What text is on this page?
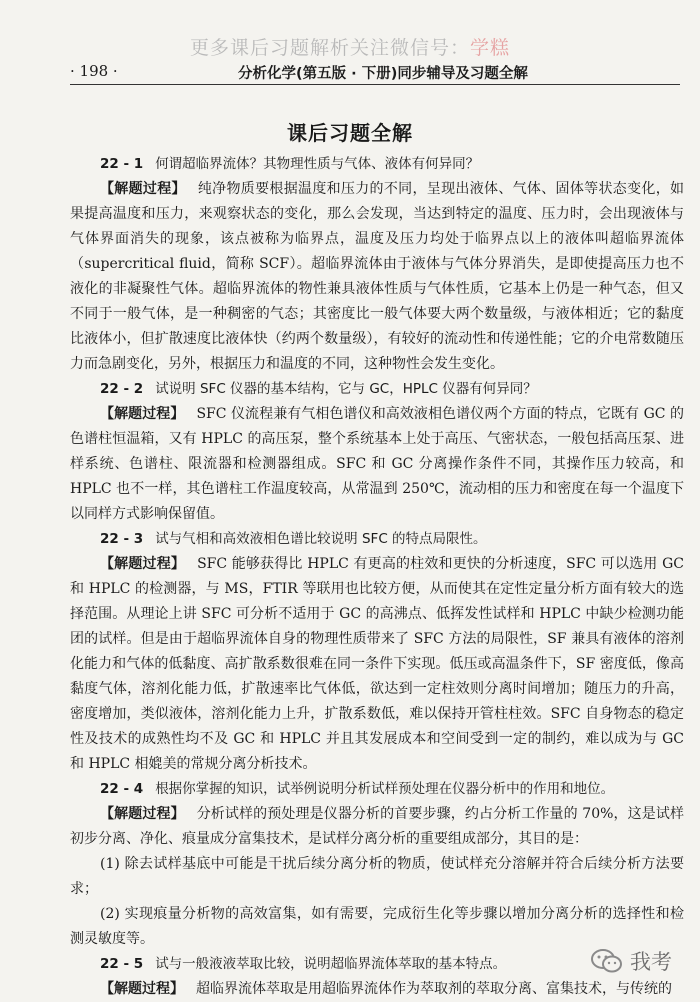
更多课后习题解析关注微信号：学糕
· 198 ·	分析化学(第五版 · 下册)同步辅导及习题全解
课后习题全解

22 - 1 何谓超临界流体？其物理性质与气体、液体有何异同？

【解题过程】 纯净物质要根据温度和压力的不同，呈现出液体、气体、固体等状态变化，如果提高温度和压力，来观察状态的变化，那么会发现，当达到特定的温度、压力时，会出现液体与气体界面消失的现象，该点被称为临界点，温度及压力均处于临界点以上的液体叫超临界流体（supercritical fluid，简称 SCF）。超临界流体由于液体与气体分界消失，是即使提高压力也不液化的非凝聚性气体。超临界流体的物性兼具液体性质与气体性质，它基本上仍是一种气态，但又不同于一般气体，是一种稠密的气态；其密度比一般气体要大两个数量级，与液体相近；它的黏度比液体小，但扩散速度比液体快（约两个数量级），有较好的流动性和传递性能；它的介电常数随压力而急剧变化，另外，根据压力和温度的不同，这种物性会发生变化。

22 - 2 试说明 SFC 仪器的基本结构，它与 GC，HPLC 仪器有何异同？

【解题过程】 SFC 仪流程兼有气相色谱仪和高效液相色谱仪两个方面的特点，它既有 GC 的色谱柱恒温箱，又有 HPLC 的高压泵，整个系统基本上处于高压、气密状态，一般包括高压泵、进样系统、色谱柱、限流器和检测器组成。SFC 和 GC 分离操作条件不同，其操作压力较高，和 HPLC 也不一样，其色谱柱工作温度较高，从常温到 250℃，流动相的压力和密度在每一个温度下以同样方式影响保留值。

22 - 3 试与气相和高效液相色谱比较说明 SFC 的特点局限性。

【解题过程】 SFC 能够获得比 HPLC 有更高的柱效和更快的分析速度，SFC 可以选用 GC 和 HPLC 的检测器，与 MS，FTIR 等联用也比较方便，从而使其在定性定量分析方面有较大的选择范围。从理论上讲 SFC 可分析不适用于 GC 的高沸点、低挥发性试样和 HPLC 中缺少检测功能团的试样。但是由于超临界流体自身的物理性质带来了 SFC 方法的局限性，SF 兼具有液体的溶剂化能力和气体的低黏度、高扩散系数很难在同一条件下实现。低压或高温条件下，SF 密度低，像高黏度气体，溶剂化能力低，扩散速率比气体低，欲达到一定柱效则分离时间增加；随压力的升高，密度增加，类似液体，溶剂化能力上升，扩散系数低，难以保持开管柱柱效。SFC 自身物态的稳定性及技术的成熟性均不及 GC 和 HPLC 并且其发展成本和空间受到一定的制约，难以成为与 GC 和 HPLC 相媲美的常规分离分析技术。

22 - 4 根据你掌握的知识，试举例说明分析试样预处理在仪器分析中的作用和地位。

【解题过程】 分析试样的预处理是仪器分析的首要步骤，约占分析工作量的 70%，这是试样初步分离、净化、痕量成分富集技术，是试样分离分析的重要组成部分，其目的是：

(1) 除去试样基底中可能是干扰后续分离分析的物质，使试样充分溶解并符合后续分析方法要求；

(2) 实现痕量分析物的高效富集，如有需要，完成衍生化等步骤以增加分离分析的选择性和检测灵敏度等。

22 - 5 试与一般液液萃取比较，说明超临界流体萃取的基本特点。

【解题过程】 超临界流体萃取是用超临界流体作为萃取剂的萃取分离、富集技术，与传统的

我考
